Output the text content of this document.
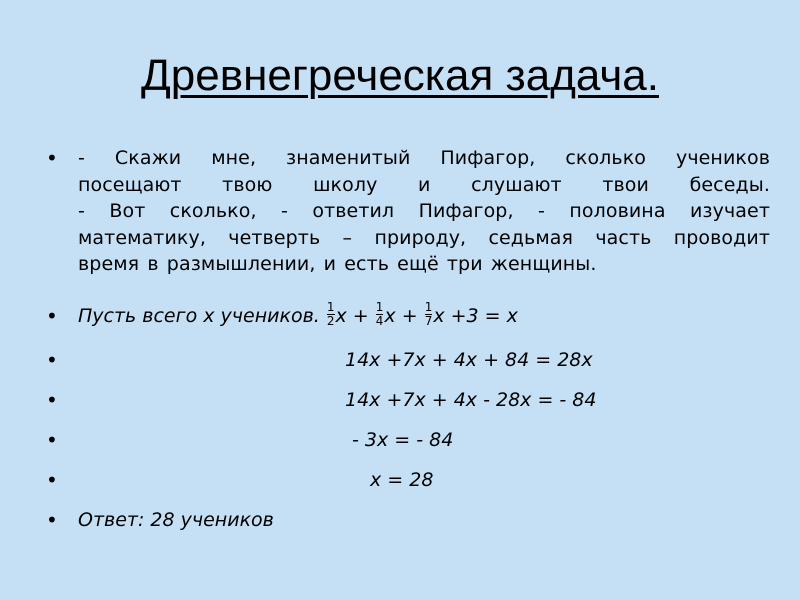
Древнегреческая задача.
• - Скажи мне, знаменитый Пифагор, сколько учеников
посещают твою школу и слушают твои беседы.
- Вот сколько, - ответил Пифагор, - половина изучает
математику, четверть – природу, седьмая часть проводит
время в размышлении, и есть ещё три женщины.
• Пусть всего х учеников. $\frac{1}{2}$ $х + \frac{1}{4}$ $х + \frac{1}{7}$ х +3 = х
•	14х +7х + 4х + 84 = 28х
•	14х +7х + 4х - 28х = - 84
•	- 3х = - 84
•	х = 28
• Ответ: 28 учеников
